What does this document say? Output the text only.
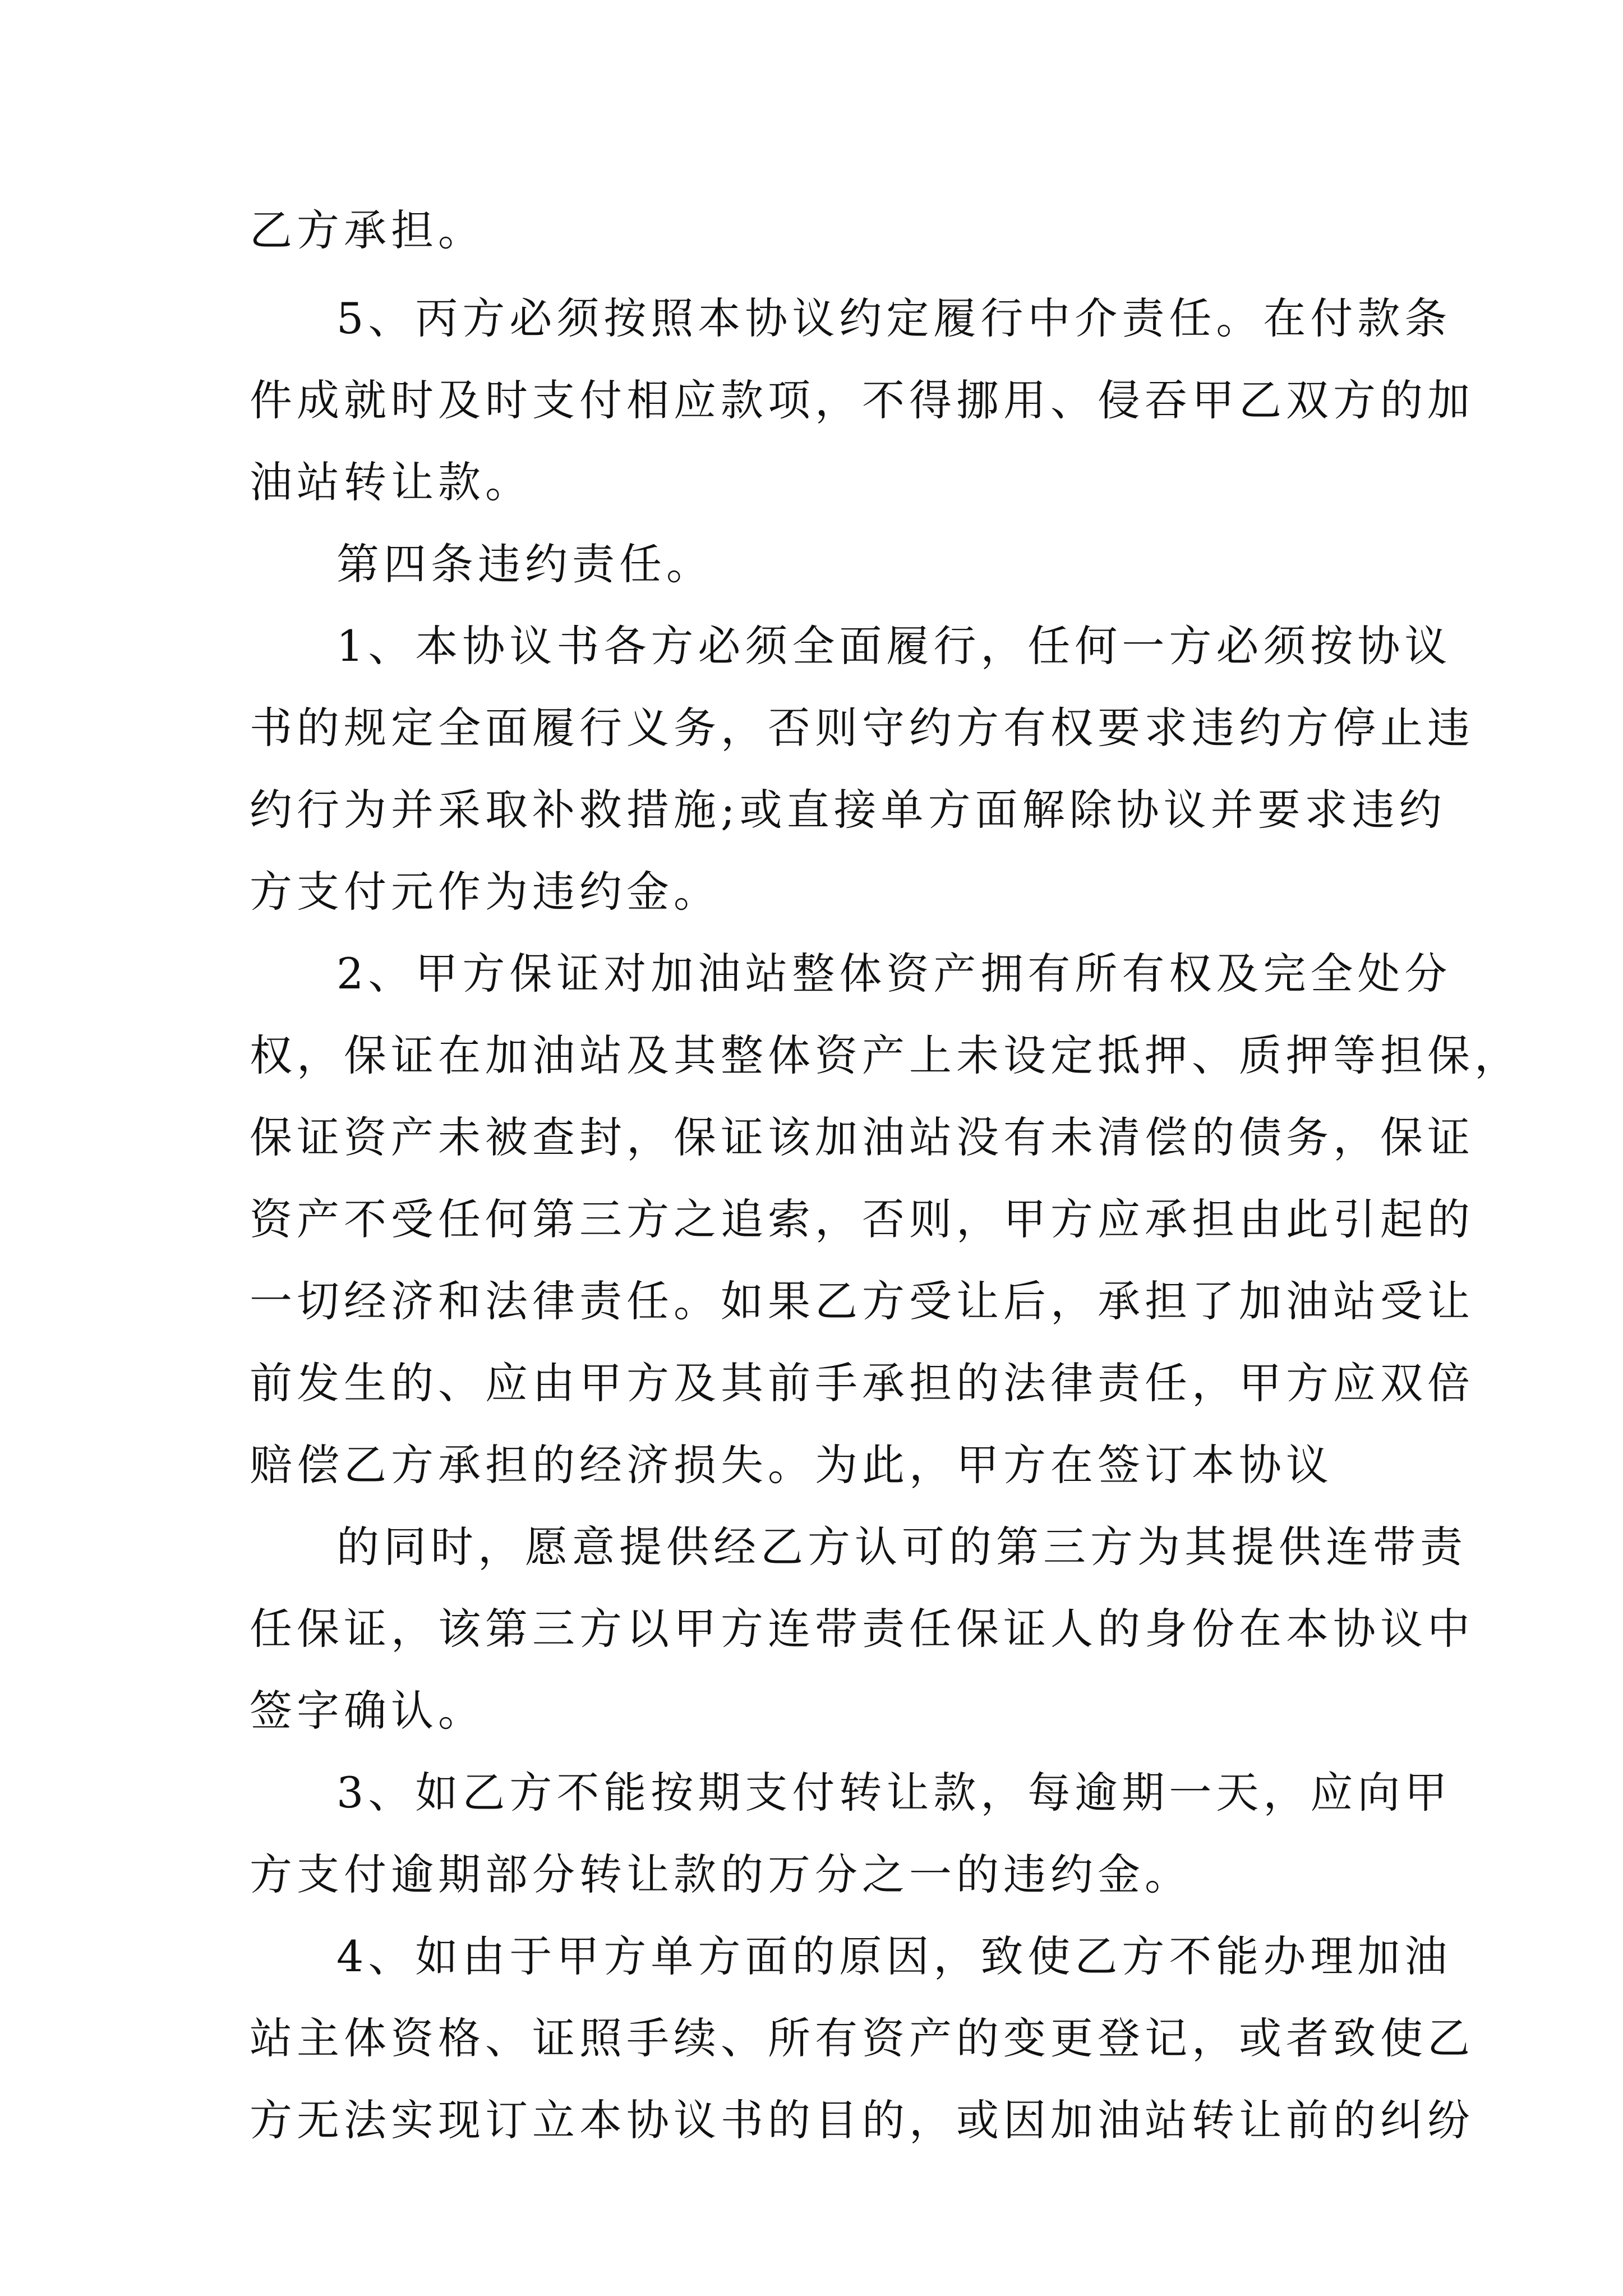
乙方承担。
5、丙方必须按照本协议约定履行中介责任。在付款条
件成就时及时支付相应款项，不得挪用、侵吞甲乙双方的加
油站转让款。
第四条违约责任。
1、本协议书各方必须全面履行，任何一方必须按协议
书的规定全面履行义务，否则守约方有权要求违约方停止违
约行为并采取补救措施;或直接单方面解除协议并要求违约
方支付元作为违约金。
2、甲方保证对加油站整体资产拥有所有权及完全处分
权，保证在加油站及其整体资产上未设定抵押、质押等担保，
保证资产未被查封，保证该加油站没有未清偿的债务，保证
资产不受任何第三方之追索，否则，甲方应承担由此引起的
一切经济和法律责任。如果乙方受让后，承担了加油站受让
前发生的、应由甲方及其前手承担的法律责任，甲方应双倍
赔偿乙方承担的经济损失。为此，甲方在签订本协议
的同时，愿意提供经乙方认可的第三方为其提供连带责
任保证，该第三方以甲方连带责任保证人的身份在本协议中
签字确认。
3、如乙方不能按期支付转让款，每逾期一天，应向甲
方支付逾期部分转让款的万分之一的违约金。
4、如由于甲方单方面的原因，致使乙方不能办理加油
站主体资格、证照手续、所有资产的变更登记，或者致使乙
方无法实现订立本协议书的目的，或因加油站转让前的纠纷
